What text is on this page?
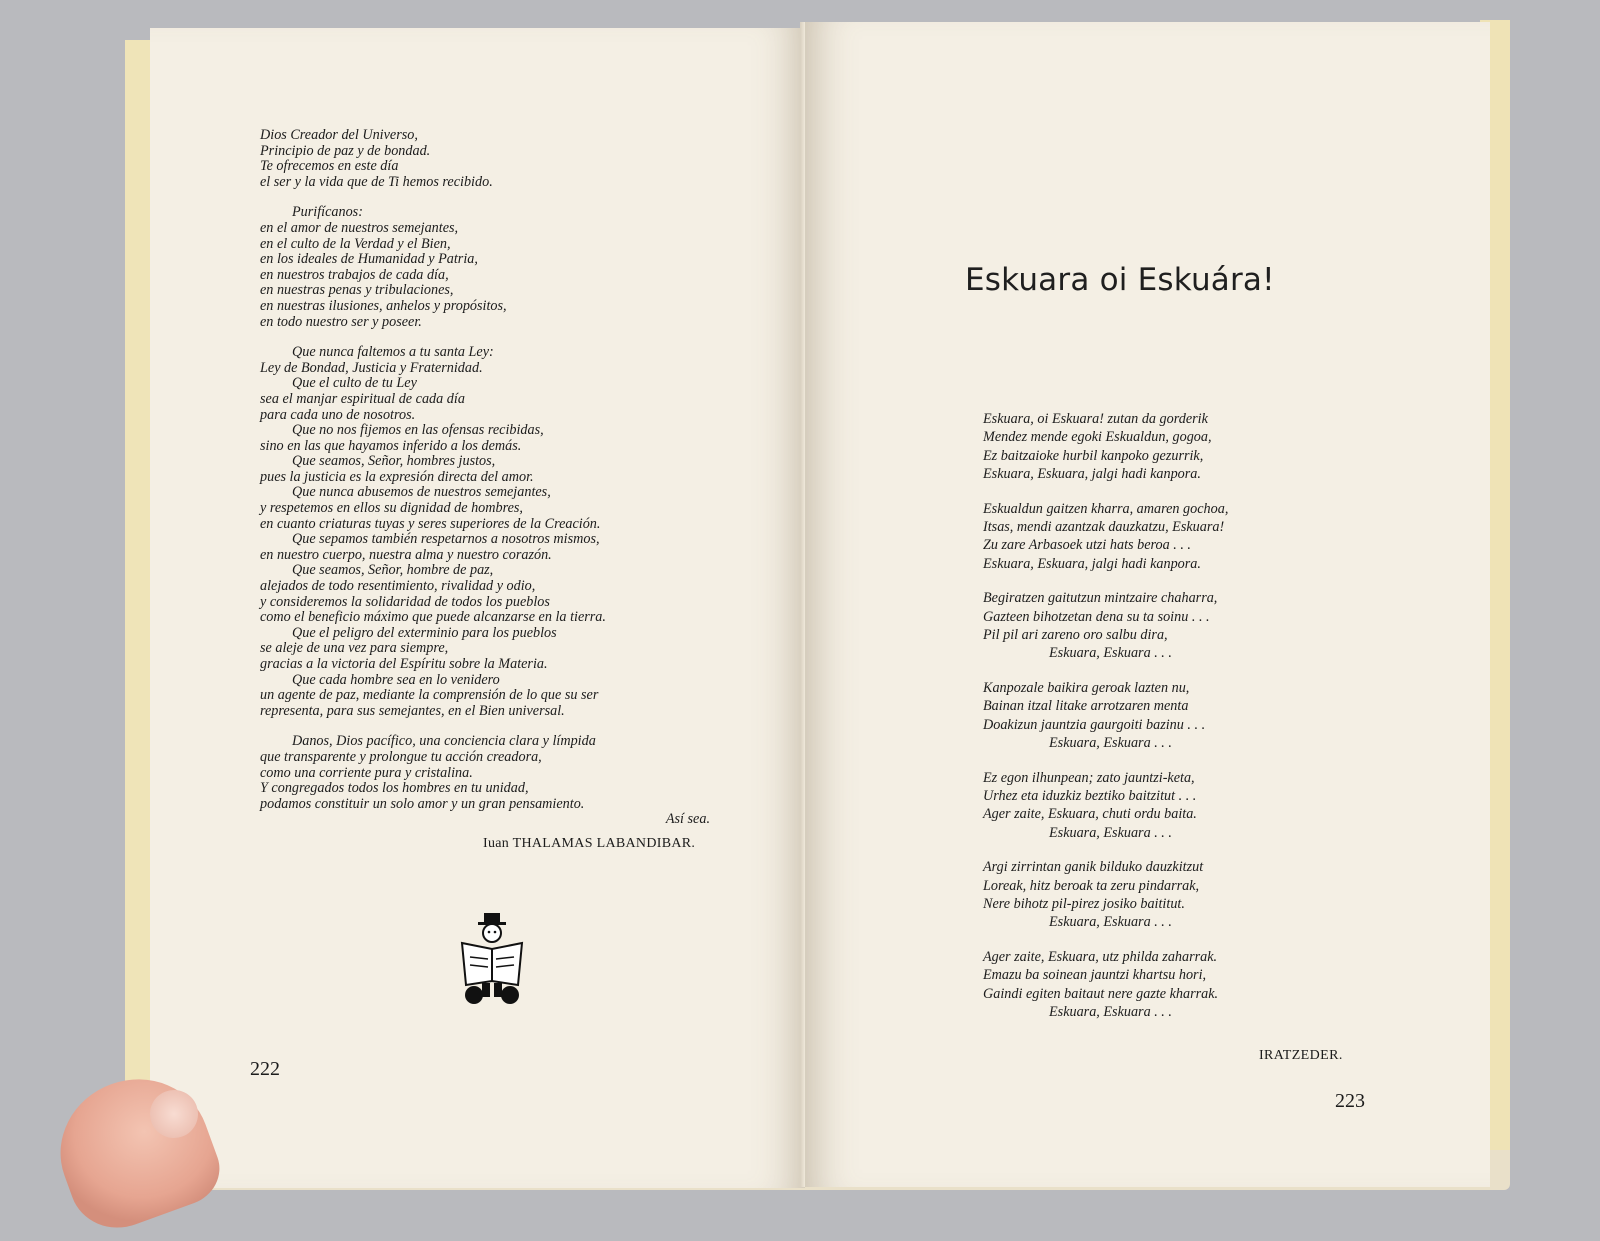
Dios Creador del Universo,
Principio de paz y de bondad.
Te ofrecemos en este día
el ser y la vida que de Ti hemos recibido.
Purifícanos:
en el amor de nuestros semejantes,
en el culto de la Verdad y el Bien,
en los ideales de Humanidad y Patria,
en nuestros trabajos de cada día,
en nuestras penas y tribulaciones,
en nuestras ilusiones, anhelos y propósitos,
en todo nuestro ser y poseer.
Que nunca faltemos a tu santa Ley:
Ley de Bondad, Justicia y Fraternidad.
Que el culto de tu Ley
sea el manjar espiritual de cada día
para cada uno de nosotros.
Que no nos fijemos en las ofensas recibidas,
sino en las que hayamos inferido a los demás.
Que seamos, Señor, hombres justos,
pues la justicia es la expresión directa del amor.
Que nunca abusemos de nuestros semejantes,
y respetemos en ellos su dignidad de hombres,
en cuanto criaturas tuyas y seres superiores de la Creación.
Que sepamos también respetarnos a nosotros mismos,
en nuestro cuerpo, nuestra alma y nuestro corazón.
Que seamos, Señor, hombre de paz,
alejados de todo resentimiento, rivalidad y odio,
y consideremos la solidaridad de todos los pueblos
como el beneficio máximo que puede alcanzarse en la tierra.
Que el peligro del exterminio para los pueblos
se aleje de una vez para siempre,
gracias a la victoria del Espíritu sobre la Materia.
Que cada hombre sea en lo venidero
un agente de paz, mediante la comprensión de lo que su ser
representa, para sus semejantes, en el Bien universal.
Danos, Dios pacífico, una conciencia clara y límpida
que transparente y prolongue tu acción creadora,
como una corriente pura y cristalina.
Y congregados todos los hombres en tu unidad,
podamos constituir un solo amor y un gran pensamiento.
Así sea.
Iuan THALAMAS LABANDIBAR.
222
Eskuara oi Eskuára!
Eskuara, oi Eskuara! zutan da gorderik
Mendez mende egoki Eskualdun, gogoa,
Ez baitzaioke hurbil kanpoko gezurrik,
Eskuara, Eskuara, jalgi hadi kanpora.
Eskualdun gaitzen kharra, amaren gochoa,
Itsas, mendi azantzak dauzkatzu, Eskuara!
Zu zare Arbasoek utzi hats beroa . . .
Eskuara, Eskuara, jalgi hadi kanpora.
Begiratzen gaitutzun mintzaire chaharra,
Gazteen bihotzetan dena su ta soinu . . .
Pil pil ari zareno oro salbu dira,
Eskuara, Eskuara . . .
Kanpozale baikira geroak lazten nu,
Bainan itzal litake arrotzaren menta
Doakizun jauntzia gaurgoiti bazinu . . .
Eskuara, Eskuara . . .
Ez egon ilhunpean; zato jauntzi-keta,
Urhez eta iduzkiz beztiko baitzitut . . .
Ager zaite, Eskuara, chuti ordu baita.
Eskuara, Eskuara . . .
Argi zirrintan ganik bilduko dauzkitzut
Loreak, hitz beroak ta zeru pindarrak,
Nere bihotz pil-pirez josiko baititut.
Eskuara, Eskuara . . .
Ager zaite, Eskuara, utz philda zaharrak.
Emazu ba soinean jauntzi khartsu hori,
Gaindi egiten baitaut nere gazte kharrak.
Eskuara, Eskuara . . .
IRATZEDER.
223
